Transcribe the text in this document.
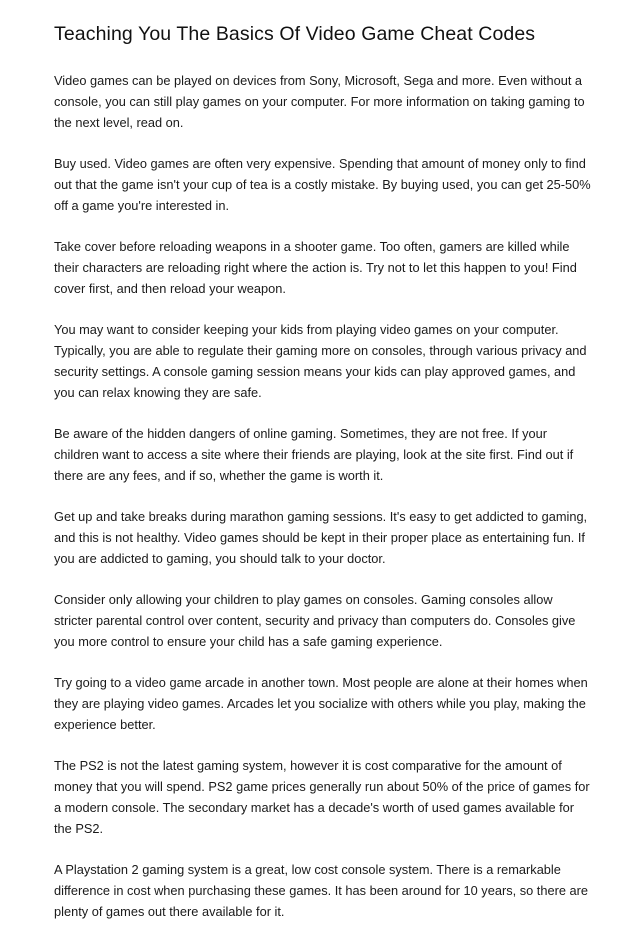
Teaching You The Basics Of Video Game Cheat Codes

Video games can be played on devices from Sony, Microsoft, Sega and more. Even without a console, you can still play games on your computer. For more information on taking gaming to the next level, read on.

Buy used. Video games are often very expensive. Spending that amount of money only to find out that the game isn't your cup of tea is a costly mistake. By buying used, you can get 25-50% off a game you're interested in.

Take cover before reloading weapons in a shooter game. Too often, gamers are killed while their characters are reloading right where the action is. Try not to let this happen to you! Find cover first, and then reload your weapon.

You may want to consider keeping your kids from playing video games on your computer. Typically, you are able to regulate their gaming more on consoles, through various privacy and security settings. A console gaming session means your kids can play approved games, and you can relax knowing they are safe.

Be aware of the hidden dangers of online gaming. Sometimes, they are not free. If your children want to access a site where their friends are playing, look at the site first. Find out if there are any fees, and if so, whether the game is worth it.

Get up and take breaks during marathon gaming sessions. It's easy to get addicted to gaming, and this is not healthy. Video games should be kept in their proper place as entertaining fun. If you are addicted to gaming, you should talk to your doctor.

Consider only allowing your children to play games on consoles. Gaming consoles allow stricter parental control over content, security and privacy than computers do. Consoles give you more control to ensure your child has a safe gaming experience.

Try going to a video game arcade in another town. Most people are alone at their homes when they are playing video games. Arcades let you socialize with others while you play, making the experience better.

The PS2 is not the latest gaming system, however it is cost comparative for the amount of money that you will spend. PS2 game prices generally run about 50% of the price of games for a modern console. The secondary market has a decade's worth of used games available for the PS2.

A Playstation 2 gaming system is a great, low cost console system. There is a remarkable difference in cost when purchasing these games. It has been around for 10 years, so there are plenty of games out there available for it.
